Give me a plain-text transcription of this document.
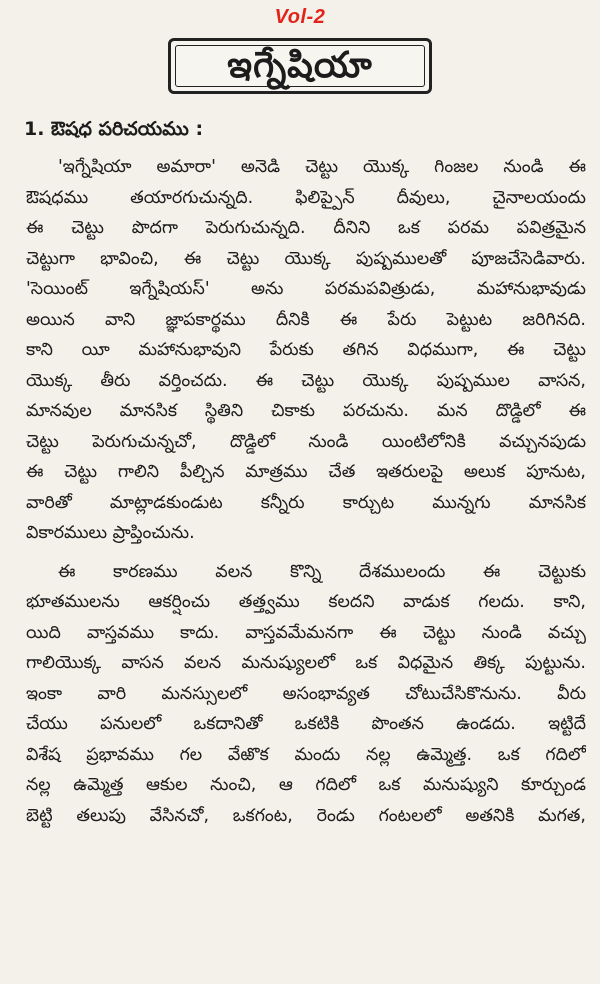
Vol-2
ఇగ్నేషియా
1. ఔషధ పరిచయము :

'ఇగ్నేషియా అమారా' అనెడి చెట్టు యొక్క గింజల నుండి ఈ
ఔషధము తయారగుచున్నది. ఫిలిప్పైన్ దీవులు, చైనాలయందు
ఈ చెట్టు పొదగా పెరుగుచున్నది. దీనిని ఒక పరమ పవిత్రమైన
చెట్టుగా భావించి, ఈ చెట్టు యొక్క పుష్పములతో పూజచేసెడివారు.
'సెయింట్ ఇగ్నేషియస్' అను పరమపవిత్రుడు, మహానుభావుడు
అయిన వాని జ్ఞాపకార్థము దీనికి ఈ పేరు పెట్టుట జరిగినది.
కాని యీ మహానుభావుని పేరుకు తగిన విధముగా, ఈ చెట్టు
యొక్క తీరు వర్తించదు. ఈ చెట్టు యొక్క పుష్పముల వాసన,
మానవుల మానసిక స్థితిని చికాకు పరచును. మన దొడ్డిలో ఈ
చెట్టు పెరుగుచున్నచో, దొడ్డిలో నుండి యింటిలోనికి వచ్చునపుడు
ఈ చెట్టు గాలిని పీల్చిన మాత్రము చేత ఇతరులపై అలుక పూనుట,
వారితో మాట్లాడకుండుట కన్నీరు కార్చుట మున్నగు మానసిక
వికారములు ప్రాప్తించును.

ఈ కారణము వలన కొన్ని దేశములందు ఈ చెట్టుకు
భూతములను ఆకర్షించు తత్త్వము కలదని వాడుక గలదు. కాని,
యిది వాస్తవము కాదు. వాస్తవమేమనగా ఈ చెట్టు నుండి వచ్చు
గాలియొక్క వాసన వలన మనుష్యులలో ఒక విధమైన తిక్క పుట్టును.
ఇంకా వారి మనస్సులలో అసంభావ్యత చోటుచేసికొనును. వీరు
చేయు పనులలో ఒకదానితో ఒకటికి పొంతన ఉండదు. ఇట్టిదే
విశేష ప్రభావము గల వేఱొక మందు నల్ల ఉమ్మెత్త. ఒక గదిలో
నల్ల ఉమ్మెత్త ఆకుల నుంచి, ఆ గదిలో ఒక మనుష్యుని కూర్చుండ
బెట్టి తలుపు వేసినచో, ఒకగంట, రెండు గంటలలో అతనికి మగత,
